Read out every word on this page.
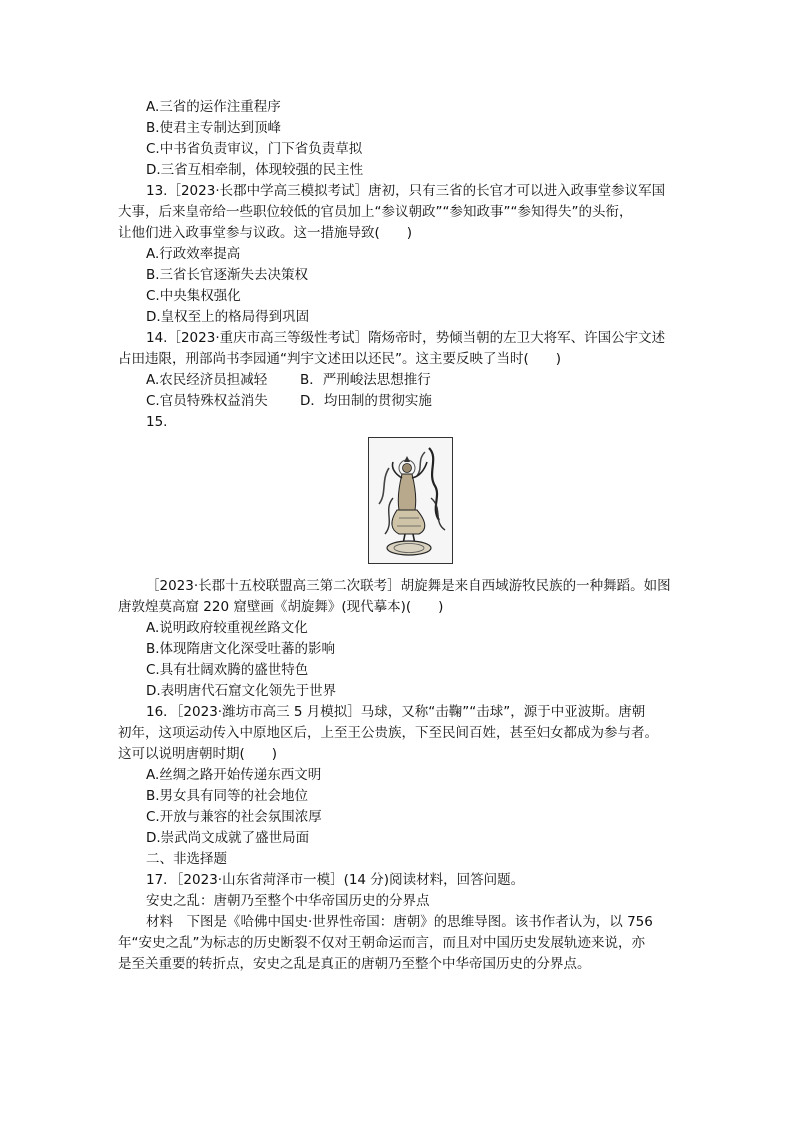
A.三省的运作注重程序
B.使君主专制达到顶峰
C.中书省负责审议，门下省负责草拟
D.三省互相牵制，体现较强的民主性
13.［2023·长郡中学高三模拟考试］唐初，只有三省的长官才可以进入政事堂参议军国
大事，后来皇帝给一些职位较低的官员加上“参议朝政”“参知政事”“参知得失”的头衔，
让他们进入政事堂参与议政。这一措施导致(　　)
A.行政效率提高
B.三省长官逐渐失去决策权
C.中央集权强化
D.皇权至上的格局得到巩固
14.［2023·重庆市高三等级性考试］隋炀帝时，势倾当朝的左卫大将军、许国公宇文述
占田违限，刑部尚书李园通“判宇文述田以还民”。这主要反映了当时(　　)
A.农民经济员担减轻 B．严刑峻法思想推行
C.官员特殊权益消失 D．均田制的贯彻实施
15.
［2023·长郡十五校联盟高三第二次联考］胡旋舞是来自西域游牧民族的一种舞蹈。如图
唐敦煌莫高窟 220 窟壁画《胡旋舞》(现代摹本)(　　)
A.说明政府较重视丝路文化
B.体现隋唐文化深受吐蕃的影响
C.具有壮阔欢腾的盛世特色
D.表明唐代石窟文化领先于世界
16．［2023·潍坊市高三 5 月模拟］马球，又称“击鞠”“击球”，源于中亚波斯。唐朝
初年，这项运动传入中原地区后，上至王公贵族，下至民间百姓，甚至妇女都成为参与者。
这可以说明唐朝时期(　　)
A.丝绸之路开始传递东西文明
B.男女具有同等的社会地位
C.开放与兼容的社会氛围浓厚
D.崇武尚文成就了盛世局面
二、非选择题
17．［2023·山东省菏泽市一模］(14 分)阅读材料，回答问题。
安史之乱：唐朝乃至整个中华帝国历史的分界点
材料　下图是《哈佛中国史·世界性帝国：唐朝》的思维导图。该书作者认为，以 756
年“安史之乱”为标志的历史断裂不仅对王朝命运而言，而且对中国历史发展轨迹来说，亦
是至关重要的转折点，安史之乱是真正的唐朝乃至整个中华帝国历史的分界点。
